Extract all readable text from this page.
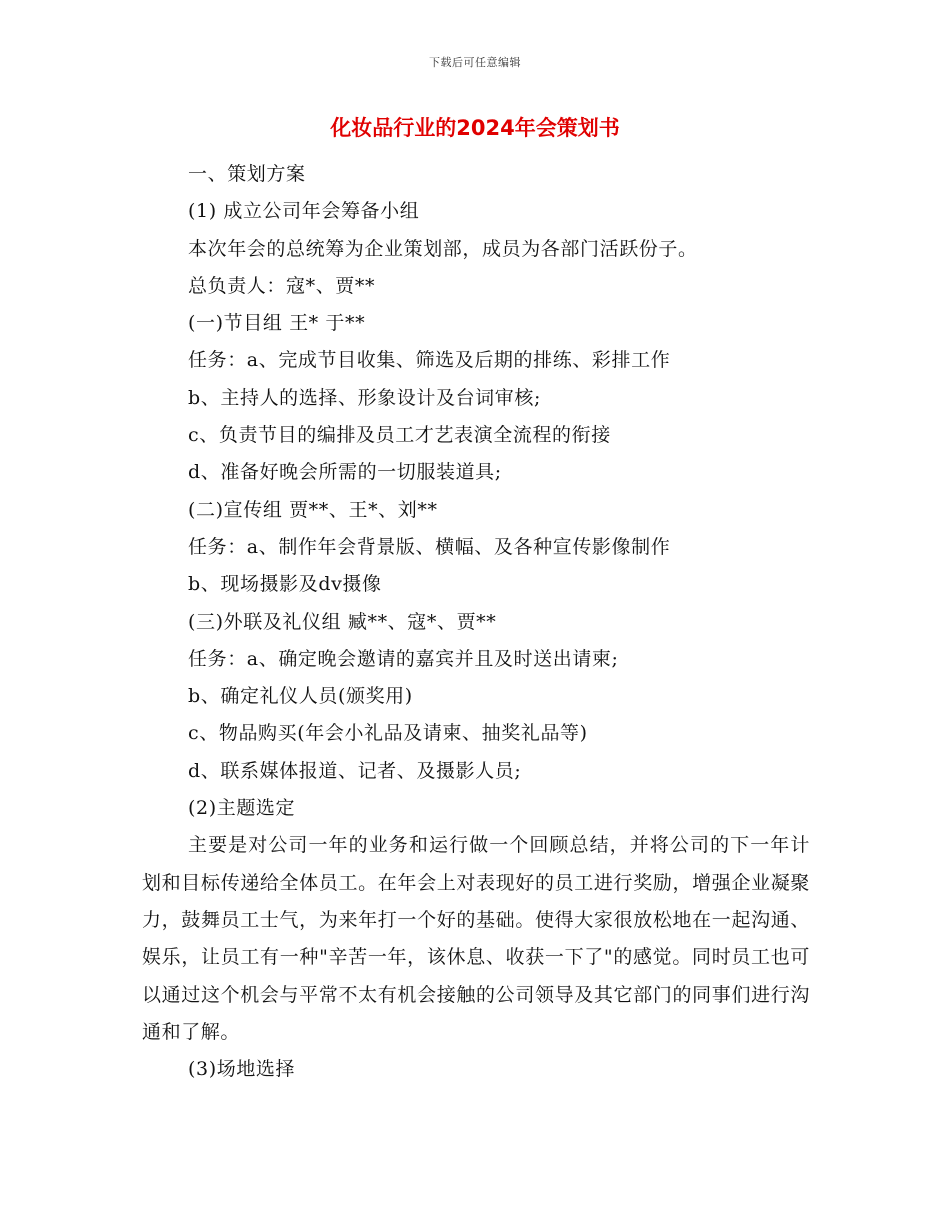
下载后可任意编辑
化妆品行业的2024年会策划书
一、策划方案
(1) 成立公司年会筹备小组
本次年会的总统筹为企业策划部，成员为各部门活跃份子。
总负责人：寇*、贾**
(一)节目组 王* 于**
任务：a、完成节目收集、筛选及后期的排练、彩排工作
b、主持人的选择、形象设计及台词审核;
c、负责节目的编排及员工才艺表演全流程的衔接
d、准备好晚会所需的一切服装道具;
(二)宣传组 贾**、王*、刘**
任务：a、制作年会背景版、横幅、及各种宣传影像制作
b、现场摄影及dv摄像
(三)外联及礼仪组 臧**、寇*、贾**
任务：a、确定晚会邀请的嘉宾并且及时送出请柬;
b、确定礼仪人员(颁奖用)
c、物品购买(年会小礼品及请柬、抽奖礼品等)
d、联系媒体报道、记者、及摄影人员;
(2)主题选定

主要是对公司一年的业务和运行做一个回顾总结，并将公司的下一年计划和目标传递给全体员工。在年会上对表现好的员工进行奖励，增强企业凝聚力，鼓舞员工士气，为来年打一个好的基础。使得大家很放松地在一起沟通、娱乐，让员工有一种"辛苦一年，该休息、收获一下了"的感觉。同时员工也可以通过这个机会与平常不太有机会接触的公司领导及其它部门的同事们进行沟通和了解。

(3)场地选择
